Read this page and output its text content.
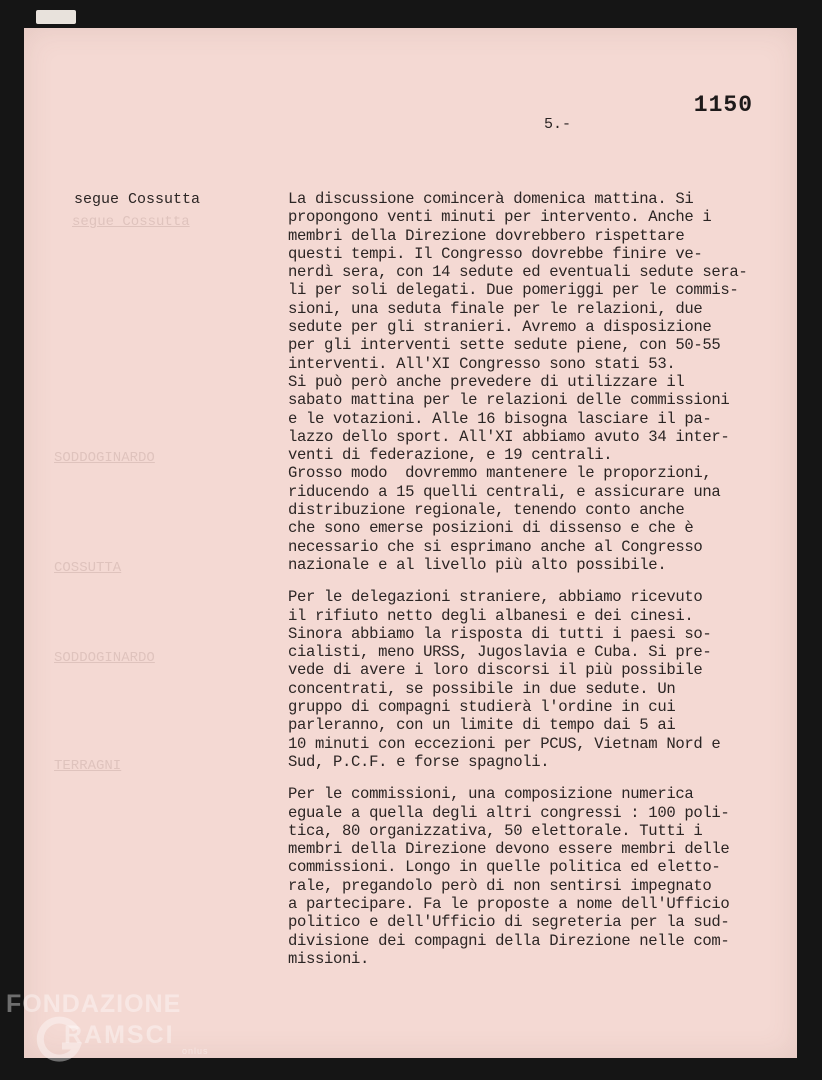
1150
5.-
segue Cossutta
segue Cossutta
SODDOGINARDO
COSSUTTA
SODDOGINARDO
TERRAGNI
La discussione comincerà domenica mattina. Si
propongono venti minuti per intervento. Anche i
membri della Direzione dovrebbero rispettare
questi tempi. Il Congresso dovrebbe finire ve-
nerdì sera, con 14 sedute ed eventuali sedute sera-
li per soli delegati. Due pomeriggi per le commis-
sioni, una seduta finale per le relazioni, due
sedute per gli stranieri. Avremo a disposizione
per gli interventi sette sedute piene, con 50-55
interventi. All'XI Congresso sono stati 53.
Si può però anche prevedere di utilizzare il
sabato mattina per le relazioni delle commissioni
e le votazioni. Alle 16 bisogna lasciare il pa-
lazzo dello sport. All'XI abbiamo avuto 34 inter-
venti di federazione, e 19 centrali.
Grosso modo  dovremmo mantenere le proporzioni,
riducendo a 15 quelli centrali, e assicurare una
distribuzione regionale, tenendo conto anche
che sono emerse posizioni di dissenso e che è
necessario che si esprimano anche al Congresso
nazionale e al livello più alto possibile.
Per le delegazioni straniere, abbiamo ricevuto
il rifiuto netto degli albanesi e dei cinesi.
Sinora abbiamo la risposta di tutti i paesi so-
cialisti, meno URSS, Jugoslavia e Cuba. Si pre-
vede di avere i loro discorsi il più possibile
concentrati, se possibile in due sedute. Un
gruppo di compagni studierà l'ordine in cui
parleranno, con un limite di tempo dai 5 ai
10 minuti con eccezioni per PCUS, Vietnam Nord e
Sud, P.C.F. e forse spagnoli.
Per le commissioni, una composizione numerica
eguale a quella degli altri congressi : 100 poli-
tica, 80 organizzativa, 50 elettorale. Tutti i
membri della Direzione devono essere membri delle
commissioni. Longo in quelle politica ed eletto-
rale, pregandolo però di non sentirsi impegnato
a partecipare. Fa le proposte a nome dell'Ufficio
politico e dell'Ufficio di segreteria per la sud-
divisione dei compagni della Direzione nelle com-
missioni.
FONDAZIONE
RAMSCI
onlus
